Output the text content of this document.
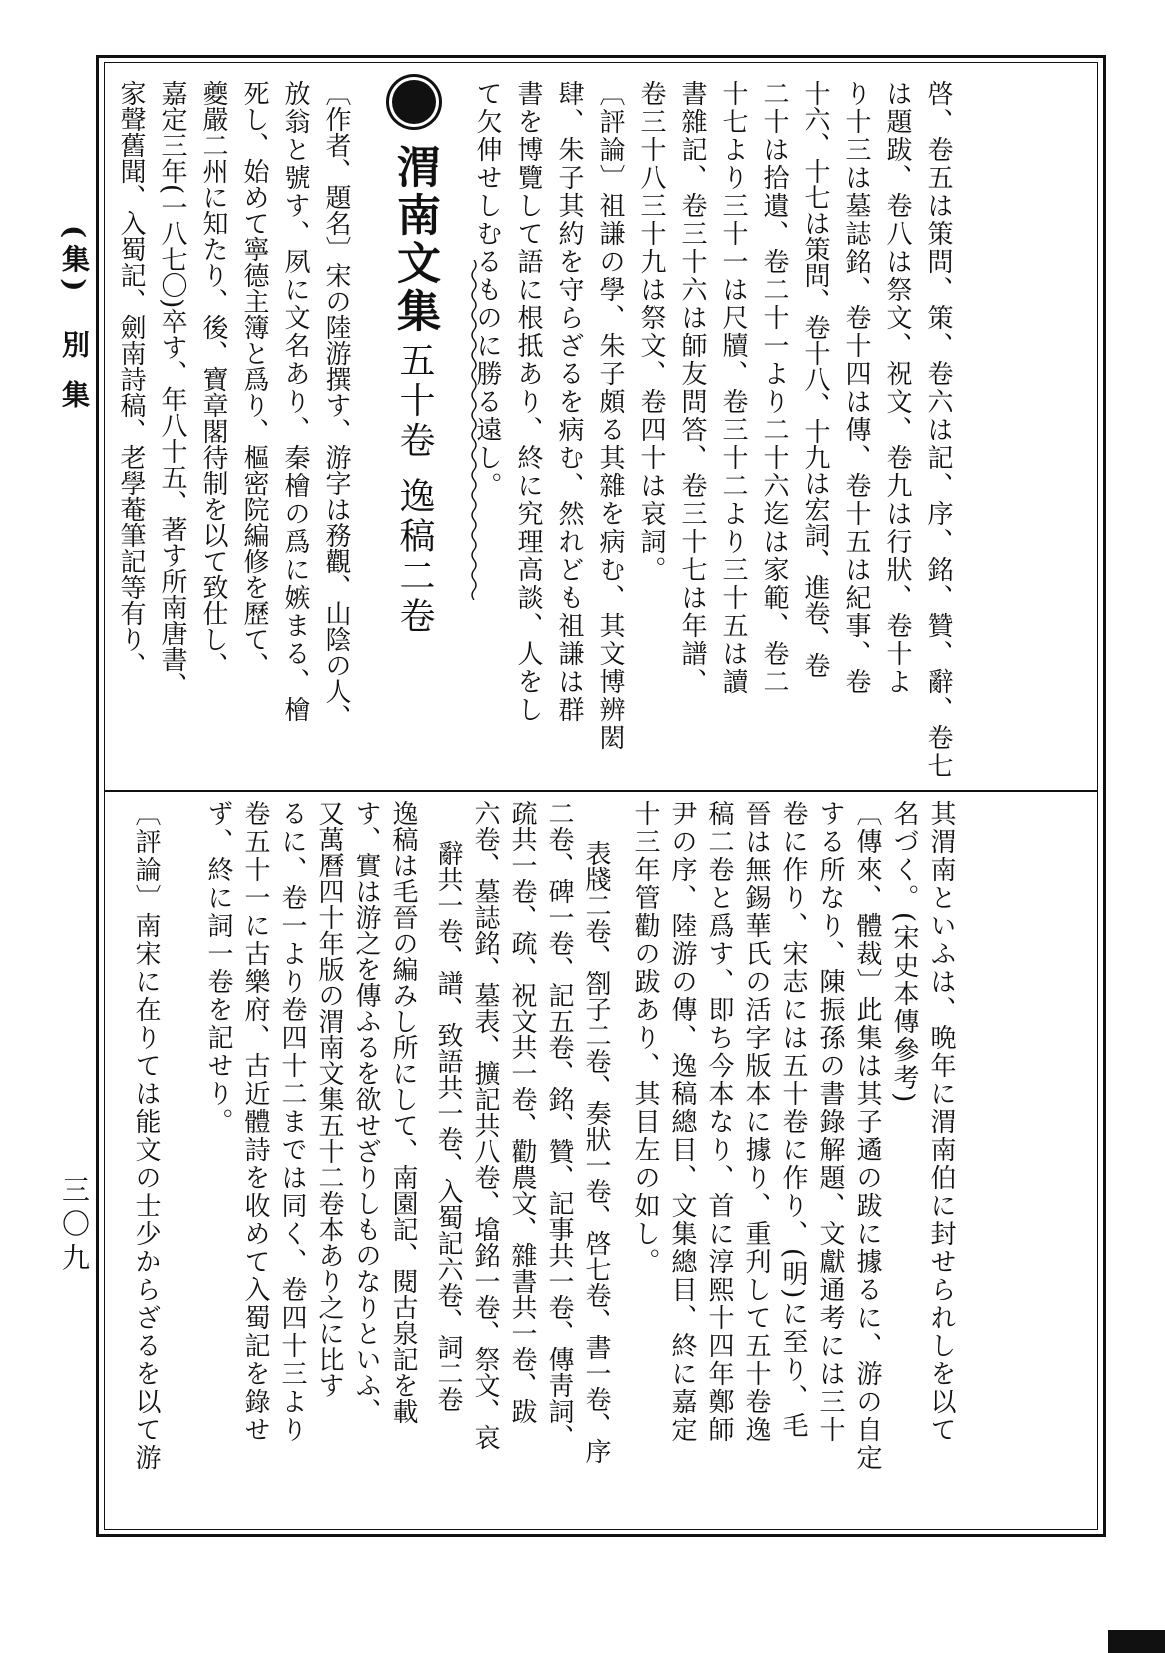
(集)
別 集
三〇九
啓、卷五は策問、策、卷六は記、序、銘、贊、辭、卷七
は題跋、卷八は祭文、祝文、卷九は行狀、卷十よ
り十三は墓誌銘、卷十四は傳、卷十五は紀事、卷
十六、十七は策問、卷十八、十九は宏詞、進卷、卷
二十は拾遺、卷二十一より二十六迄は家範、卷二
十七より三十一は尺牘、卷三十二より三十五は讀
書雜記、卷三十六は師友問答、卷三十七は年譜、
卷三十八三十九は祭文、卷四十は哀詞。
〔評論〕祖謙の學、朱子頗る其雜を病む、其文博辨閎
肆、朱子其約を守らざるを病む、然れども祖謙は群
書を博覽して語に根抵あり、終に究理高談、人をし
て欠伸せしむるものに勝る遠し。
渭南文集 五十卷 逸稿二卷
〔作者、題名〕宋の陸游撰す、游字は務觀、山陰の人、
放翁と號す、夙に文名あり、秦檜の爲に嫉まる、檜
死し、始めて寧德主簿と爲り、樞密院編修を歷て、
夔嚴二州に知たり、後、寶章閣待制を以て致仕し、
嘉定三年(一八七〇)卒す、年八十五、著す所南唐書、
家聲舊聞、入蜀記、劍南詩稿、老學菴筆記等有り、
其渭南といふは、晩年に渭南伯に封せられしを以て
名づく。(宋史本傳參考)
〔傳來、體裁〕此集は其子遹の跋に據るに、游の自定
する所なり、陳振孫の書錄解題、文獻通考には三十
卷に作り、宋志には五十卷に作り、(明)に至り、毛
晉は無錫華氏の活字版本に據り、重刋して五十卷逸
稿二卷と爲す、即ち今本なり、首に淳熙十四年鄭師
尹の序、陸游の傳、逸稿總目、文集總目、終に嘉定
十三年管勸の跋あり、其目左の如し。
表牋二卷、劄子二卷、奏狀一卷、啓七卷、書一卷、序
二卷、碑一卷、記五卷、銘、贊、記事共一卷、傳靑詞、
疏共一卷、疏、祝文共一卷、勸農文、雜書共一卷、跋
六卷、墓誌銘、墓表、擴記共八卷、墖銘一卷、祭文、哀
辭共一卷、譜、致語共一卷、入蜀記六卷、詞二卷
逸稿は毛晉の編みし所にして、南園記、閱古泉記を載
す、實は游之を傳ふるを欲せざりしものなりといふ、
又萬曆四十年版の渭南文集五十二卷本あり之に比す
るに、卷一より卷四十二までは同く、卷四十三より
卷五十一に古樂府、古近體詩を收めて入蜀記を錄せ
ず、終に詞一卷を記せり。
〔評論〕南宋に在りては能文の士少からざるを以て游
